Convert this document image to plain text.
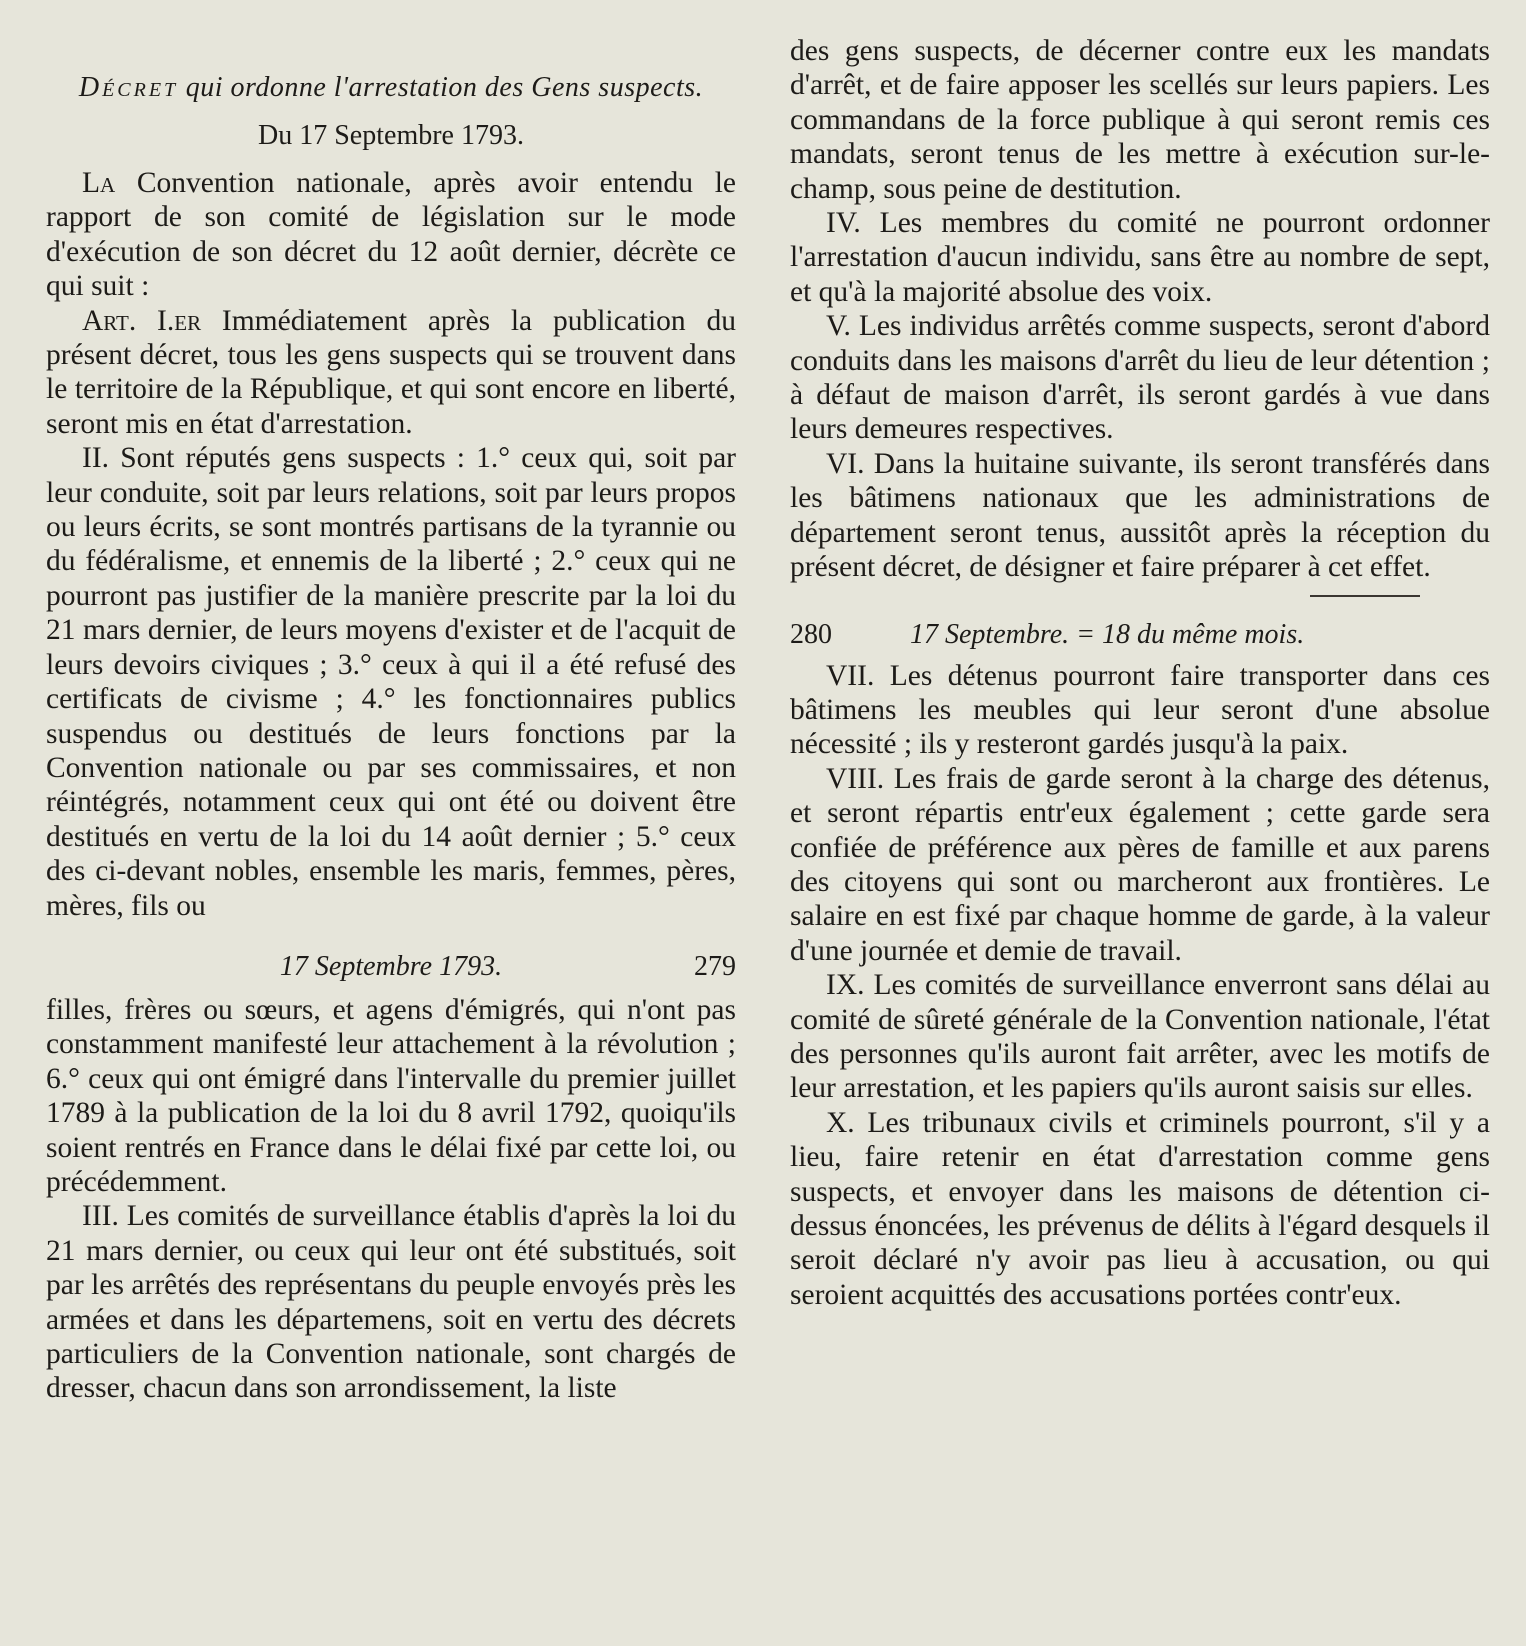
Décret qui ordonne l'arrestation des Gens suspects.
Du 17 Septembre 1793.

La Convention nationale, après avoir entendu le rapport de son comité de législation sur le mode d'exécution de son décret du 12 août dernier, décrète ce qui suit :

Art. I.er Immédiatement après la publication du présent décret, tous les gens suspects qui se trouvent dans le territoire de la République, et qui sont encore en liberté, seront mis en état d'arrestation.

II. Sont réputés gens suspects : 1.° ceux qui, soit par leur conduite, soit par leurs relations, soit par leurs propos ou leurs écrits, se sont montrés partisans de la tyrannie ou du fédéralisme, et ennemis de la liberté ; 2.° ceux qui ne pourront pas justifier de la manière prescrite par la loi du 21 mars dernier, de leurs moyens d'exister et de l'acquit de leurs devoirs civiques ; 3.° ceux à qui il a été refusé des certificats de civisme ; 4.° les fonctionnaires publics suspendus ou destitués de leurs fonctions par la Convention nationale ou par ses commissaires, et non réintégrés, notamment ceux qui ont été ou doivent être destitués en vertu de la loi du 14 août dernier ; 5.° ceux des ci-devant nobles, ensemble les maris, femmes, pères, mères, fils ou

17 Septembre 1793.	279

filles, frères ou sœurs, et agens d'émigrés, qui n'ont pas constamment manifesté leur attachement à la révolution ; 6.° ceux qui ont émigré dans l'intervalle du premier juillet 1789 à la publication de la loi du 8 avril 1792, quoiqu'ils soient rentrés en France dans le délai fixé par cette loi, ou précédemment.

III. Les comités de surveillance établis d'après la loi du 21 mars dernier, ou ceux qui leur ont été substitués, soit par les arrêtés des représentans du peuple envoyés près les armées et dans les départemens, soit en vertu des décrets particuliers de la Convention nationale, sont chargés de dresser, chacun dans son arrondissement, la liste

des gens suspects, de décerner contre eux les mandats d'arrêt, et de faire apposer les scellés sur leurs papiers. Les commandans de la force publique à qui seront remis ces mandats, seront tenus de les mettre à exécution sur-le-champ, sous peine de destitution.

IV. Les membres du comité ne pourront ordonner l'arrestation d'aucun individu, sans être au nombre de sept, et qu'à la majorité absolue des voix.

V. Les individus arrêtés comme suspects, seront d'abord conduits dans les maisons d'arrêt du lieu de leur détention ; à défaut de maison d'arrêt, ils seront gardés à vue dans leurs demeures respectives.

VI. Dans la huitaine suivante, ils seront transférés dans les bâtimens nationaux que les administrations de département seront tenus, aussitôt après la réception du présent décret, de désigner et faire préparer à cet effet.

280	17 Septembre. = 18 du même mois.

VII. Les détenus pourront faire transporter dans ces bâtimens les meubles qui leur seront d'une absolue nécessité ; ils y resteront gardés jusqu'à la paix.

VIII. Les frais de garde seront à la charge des détenus, et seront répartis entr'eux également ; cette garde sera confiée de préférence aux pères de famille et aux parens des citoyens qui sont ou marcheront aux frontières. Le salaire en est fixé par chaque homme de garde, à la valeur d'une journée et demie de travail.

IX. Les comités de surveillance enverront sans délai au comité de sûreté générale de la Convention nationale, l'état des personnes qu'ils auront fait arrêter, avec les motifs de leur arrestation, et les papiers qu'ils auront saisis sur elles.

X. Les tribunaux civils et criminels pourront, s'il y a lieu, faire retenir en état d'arrestation comme gens suspects, et envoyer dans les maisons de détention ci-dessus énoncées, les prévenus de délits à l'égard desquels il seroit déclaré n'y avoir pas lieu à accusation, ou qui seroient acquittés des accusations portées contr'eux.
